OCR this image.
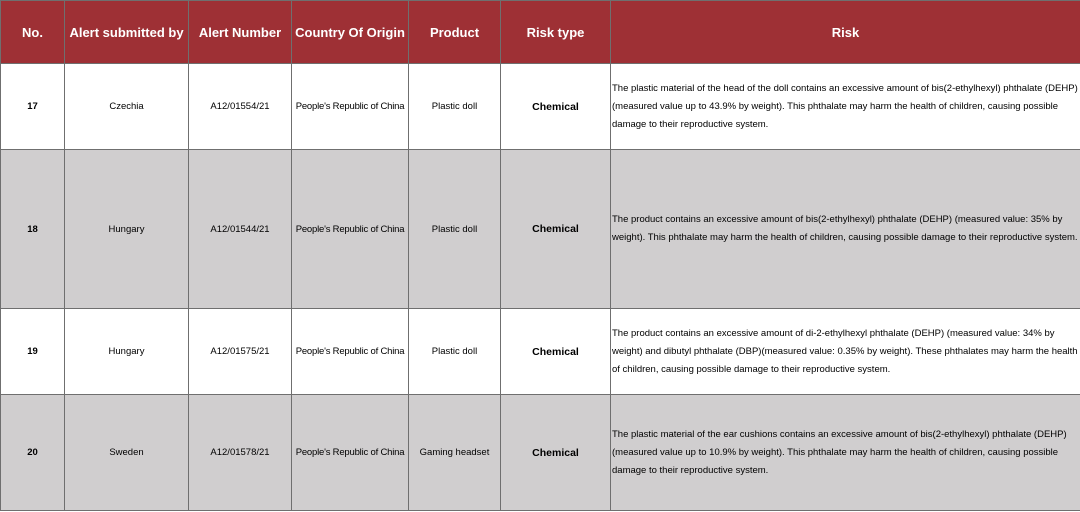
No.	Alert submitted by	Alert Number	Country Of Origin	Product	Risk type	Risk
17	Czechia	A12/01554/21	People's Republic of China	Plastic doll	Chemical	The plastic material of the head of the doll contains an excessive amount of bis(2-ethylhexyl) phthalate (DEHP) (measured value up to 43.9% by weight). This phthalate may harm the health of children, causing possible damage to their reproductive system.
18	Hungary	A12/01544/21	People's Republic of China	Plastic doll	Chemical	The product contains an excessive amount of bis(2-ethylhexyl) phthalate (DEHP) (measured value: 35% by weight). This phthalate may harm the health of children, causing possible damage to their reproductive system.
19	Hungary	A12/01575/21	People's Republic of China	Plastic doll	Chemical	The product contains an excessive amount of di-2-ethylhexyl phthalate (DEHP) (measured value: 34% by weight) and dibutyl phthalate (DBP)(measured value: 0.35% by weight). These phthalates may harm the health of children, causing possible damage to their reproductive system.
20	Sweden	A12/01578/21	People's Republic of China	Gaming headset	Chemical	The plastic material of the ear cushions contains an excessive amount of bis(2-ethylhexyl) phthalate (DEHP) (measured value up to 10.9% by weight). This phthalate may harm the health of children, causing possible damage to their reproductive system.
